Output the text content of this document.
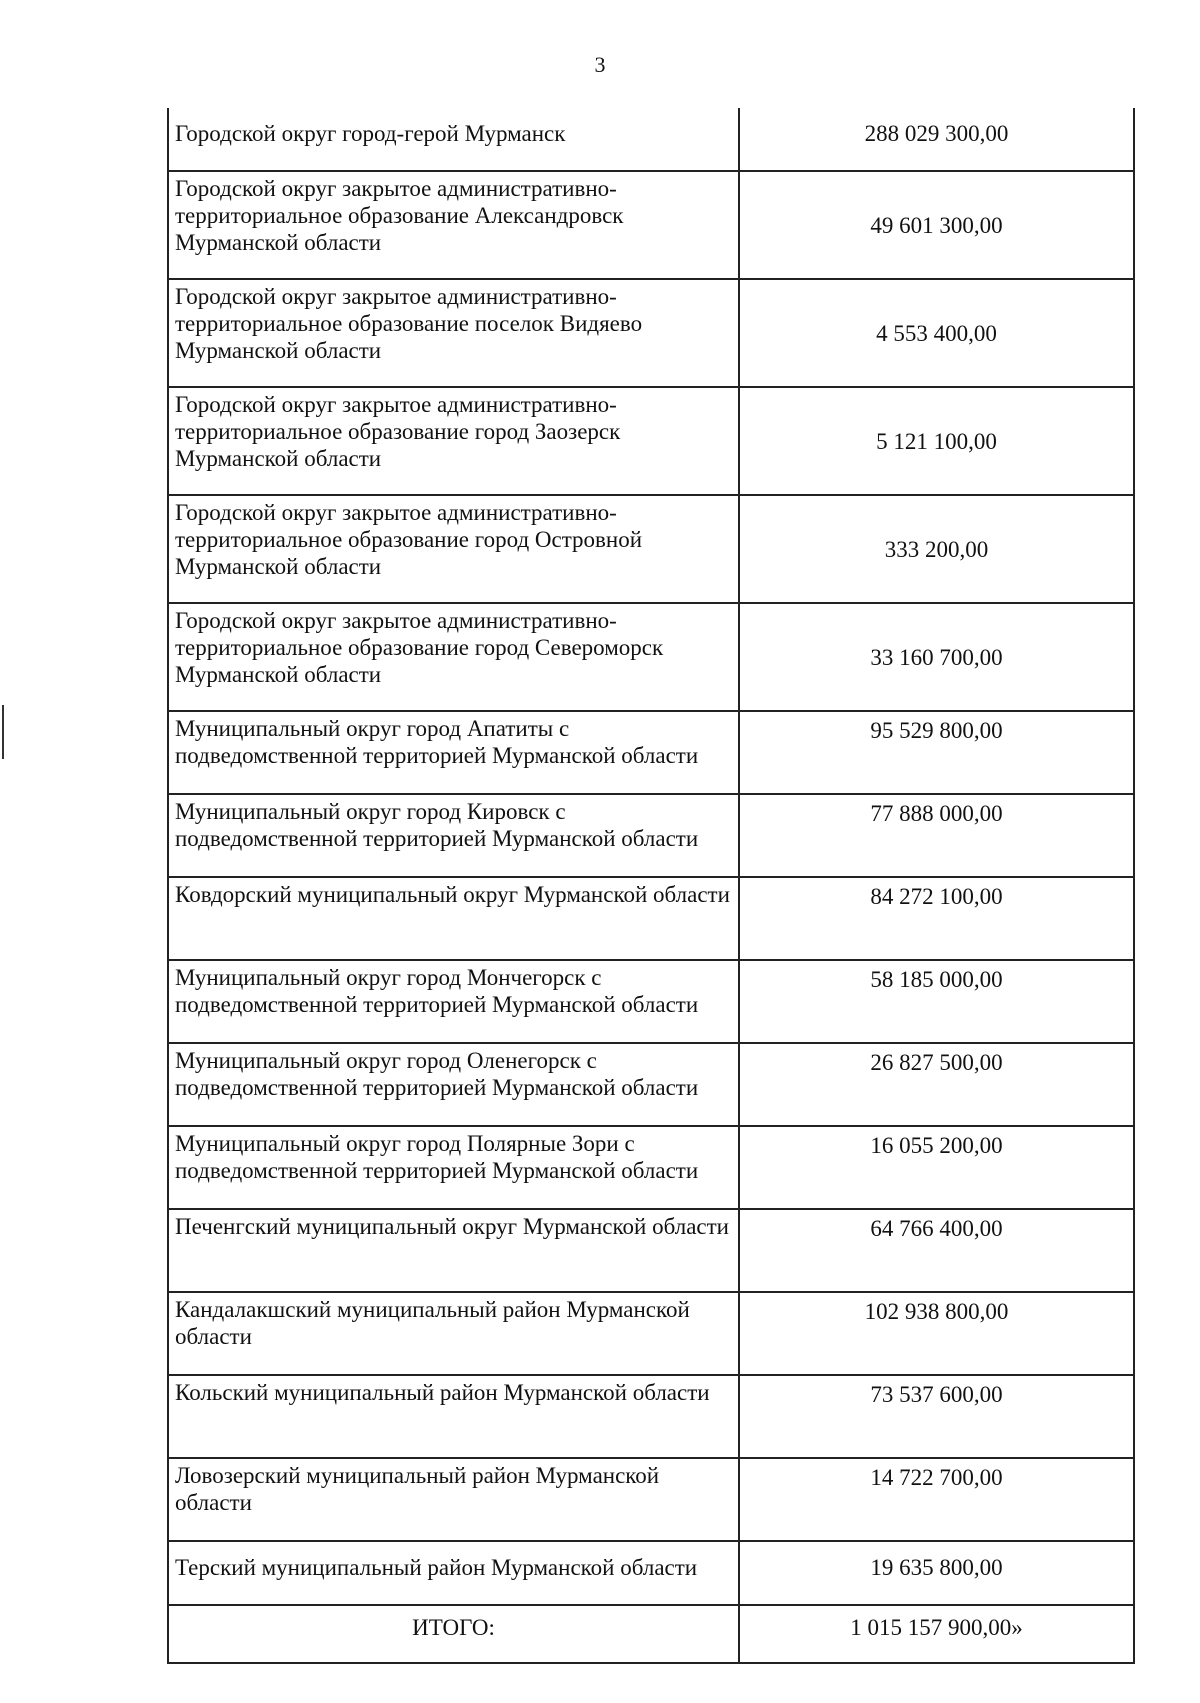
3
Городской округ город-герой Мурманск	288 029 300,00
Городской округ закрытое административно-территориальное образование Александровск Мурманской области	49 601 300,00
Городской округ закрытое административно-территориальное образование поселок Видяево Мурманской области	4 553 400,00
Городской округ закрытое административно-территориальное образование город Заозерск Мурманской области	5 121 100,00
Городской округ закрытое административно-территориальное образование город Островной Мурманской области	333 200,00
Городской округ закрытое административно-территориальное образование город Североморск Мурманской области	33 160 700,00
Муниципальный округ город Апатиты с подведомственной территорией Мурманской области	95 529 800,00
Муниципальный округ город Кировск с подведомственной территорией Мурманской области	77 888 000,00
Ковдорский муниципальный округ Мурманской области	84 272 100,00
Муниципальный округ город Мончегорск с подведомственной территорией Мурманской области	58 185 000,00
Муниципальный округ город Оленегорск с подведомственной территорией Мурманской области	26 827 500,00
Муниципальный округ город Полярные Зори с подведомственной территорией Мурманской области	16 055 200,00
Печенгский муниципальный округ Мурманской области	64 766 400,00
Кандалакшский муниципальный район Мурманской области	102 938 800,00
Кольский муниципальный район Мурманской области	73 537 600,00
Ловозерский муниципальный район Мурманской области	14 722 700,00
Терский муниципальный район Мурманской области	19 635 800,00
ИТОГО:	1 015 157 900,00»
